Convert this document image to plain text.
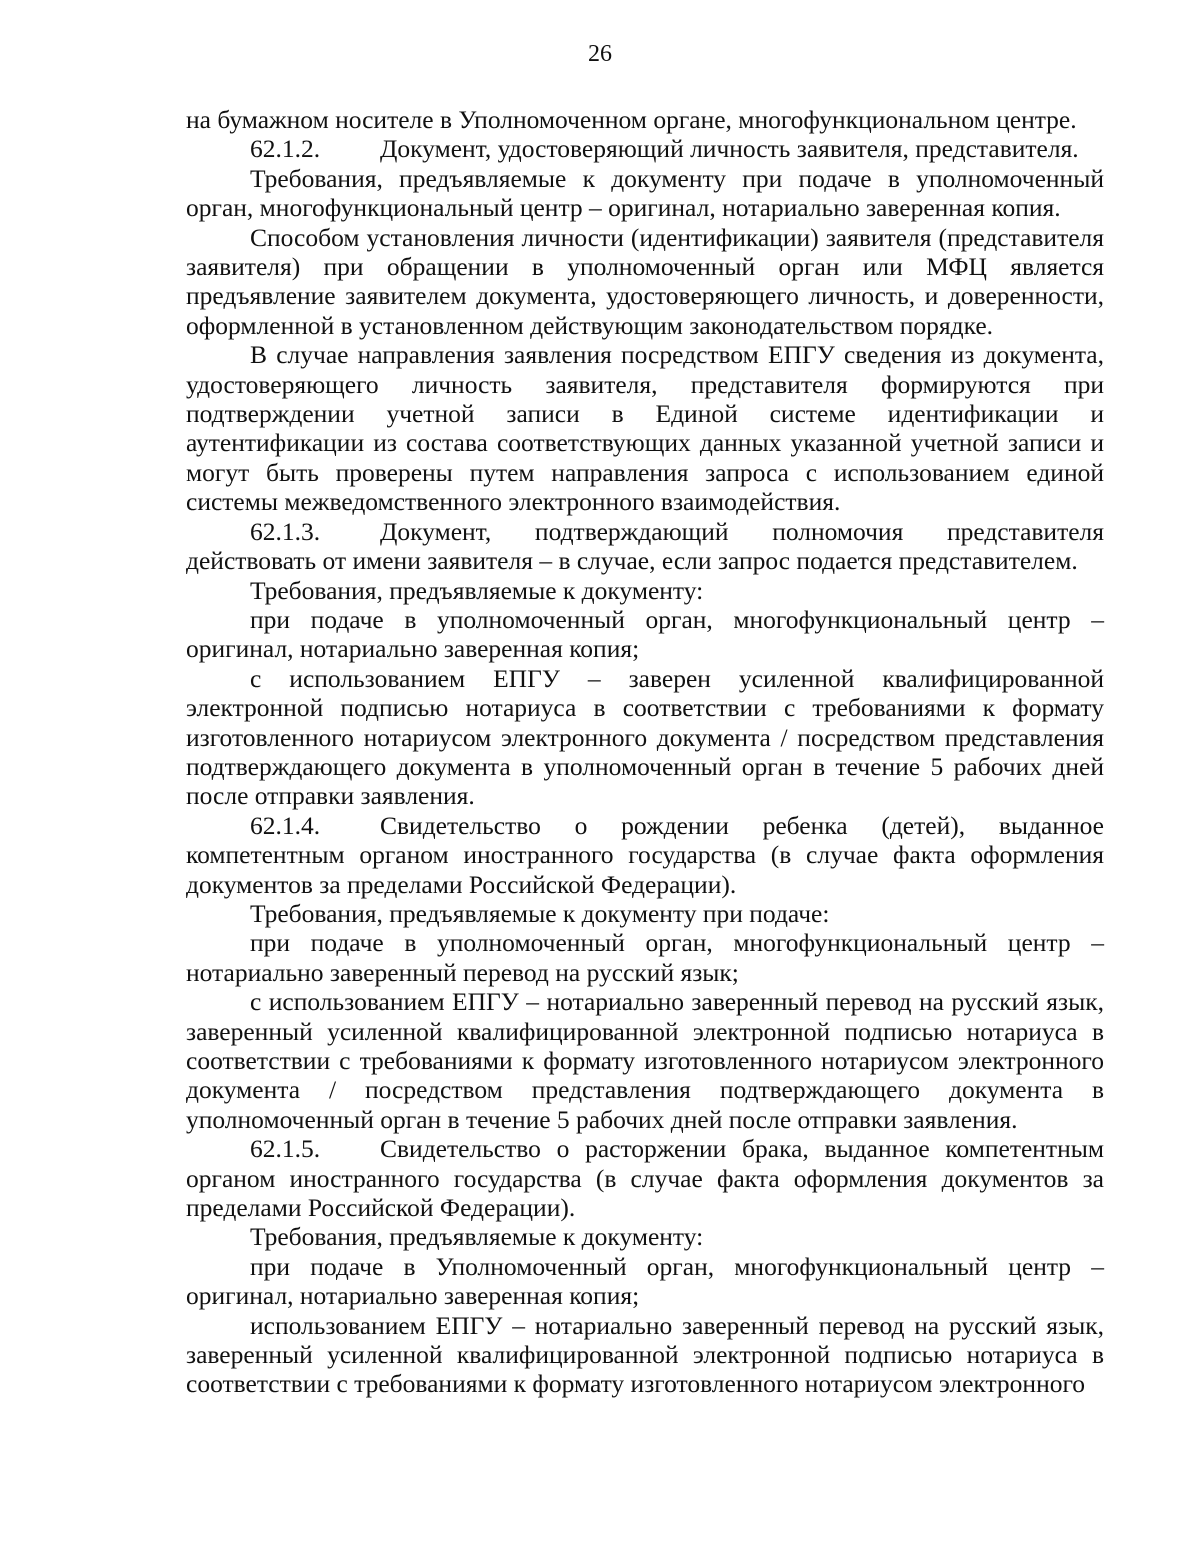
26

на бумажном носителе в Уполномоченном органе, многофункциональном центре.

62.1.2. Документ, удостоверяющий личность заявителя, представителя.

Требования, предъявляемые к документу при подаче в уполномоченный орган, многофункциональный центр – оригинал, нотариально заверенная копия.

Способом установления личности (идентификации) заявителя (представителя заявителя) при обращении в уполномоченный орган или МФЦ является предъявление заявителем документа, удостоверяющего личность, и доверенности, оформленной в установленном действующим законодательством порядке.

В случае направления заявления посредством ЕПГУ сведения из документа, удостоверяющего личность заявителя, представителя формируются при подтверждении учетной записи в Единой системе идентификации и аутентификации из состава соответствующих данных указанной учетной записи и могут быть проверены путем направления запроса с использованием единой системы межведомственного электронного взаимодействия.

62.1.3. Документ, подтверждающий полномочия представителя действовать от имени заявителя – в случае, если запрос подается представителем.

Требования, предъявляемые к документу:

при подаче в уполномоченный орган, многофункциональный центр – оригинал, нотариально заверенная копия;

с использованием ЕПГУ – заверен усиленной квалифицированной электронной подписью нотариуса в соответствии с требованиями к формату изготовленного нотариусом электронного документа / посредством представления подтверждающего документа в уполномоченный орган в течение 5 рабочих дней после отправки заявления.

62.1.4. Свидетельство о рождении ребенка (детей), выданное компетентным органом иностранного государства (в случае факта оформления документов за пределами Российской Федерации).

Требования, предъявляемые к документу при подаче:

при подаче в уполномоченный орган, многофункциональный центр – нотариально заверенный перевод на русский язык;

с использованием ЕПГУ – нотариально заверенный перевод на русский язык, заверенный усиленной квалифицированной электронной подписью нотариуса в соответствии с требованиями к формату изготовленного нотариусом электронного документа / посредством представления подтверждающего документа в уполномоченный орган в течение 5 рабочих дней после отправки заявления.

62.1.5. Свидетельство о расторжении брака, выданное компетентным органом иностранного государства (в случае факта оформления документов за пределами Российской Федерации).

Требования, предъявляемые к документу:

при подаче в Уполномоченный орган, многофункциональный центр – оригинал, нотариально заверенная копия;

использованием ЕПГУ – нотариально заверенный перевод на русский язык, заверенный усиленной квалифицированной электронной подписью нотариуса в соответствии с требованиями к формату изготовленного нотариусом электронного
